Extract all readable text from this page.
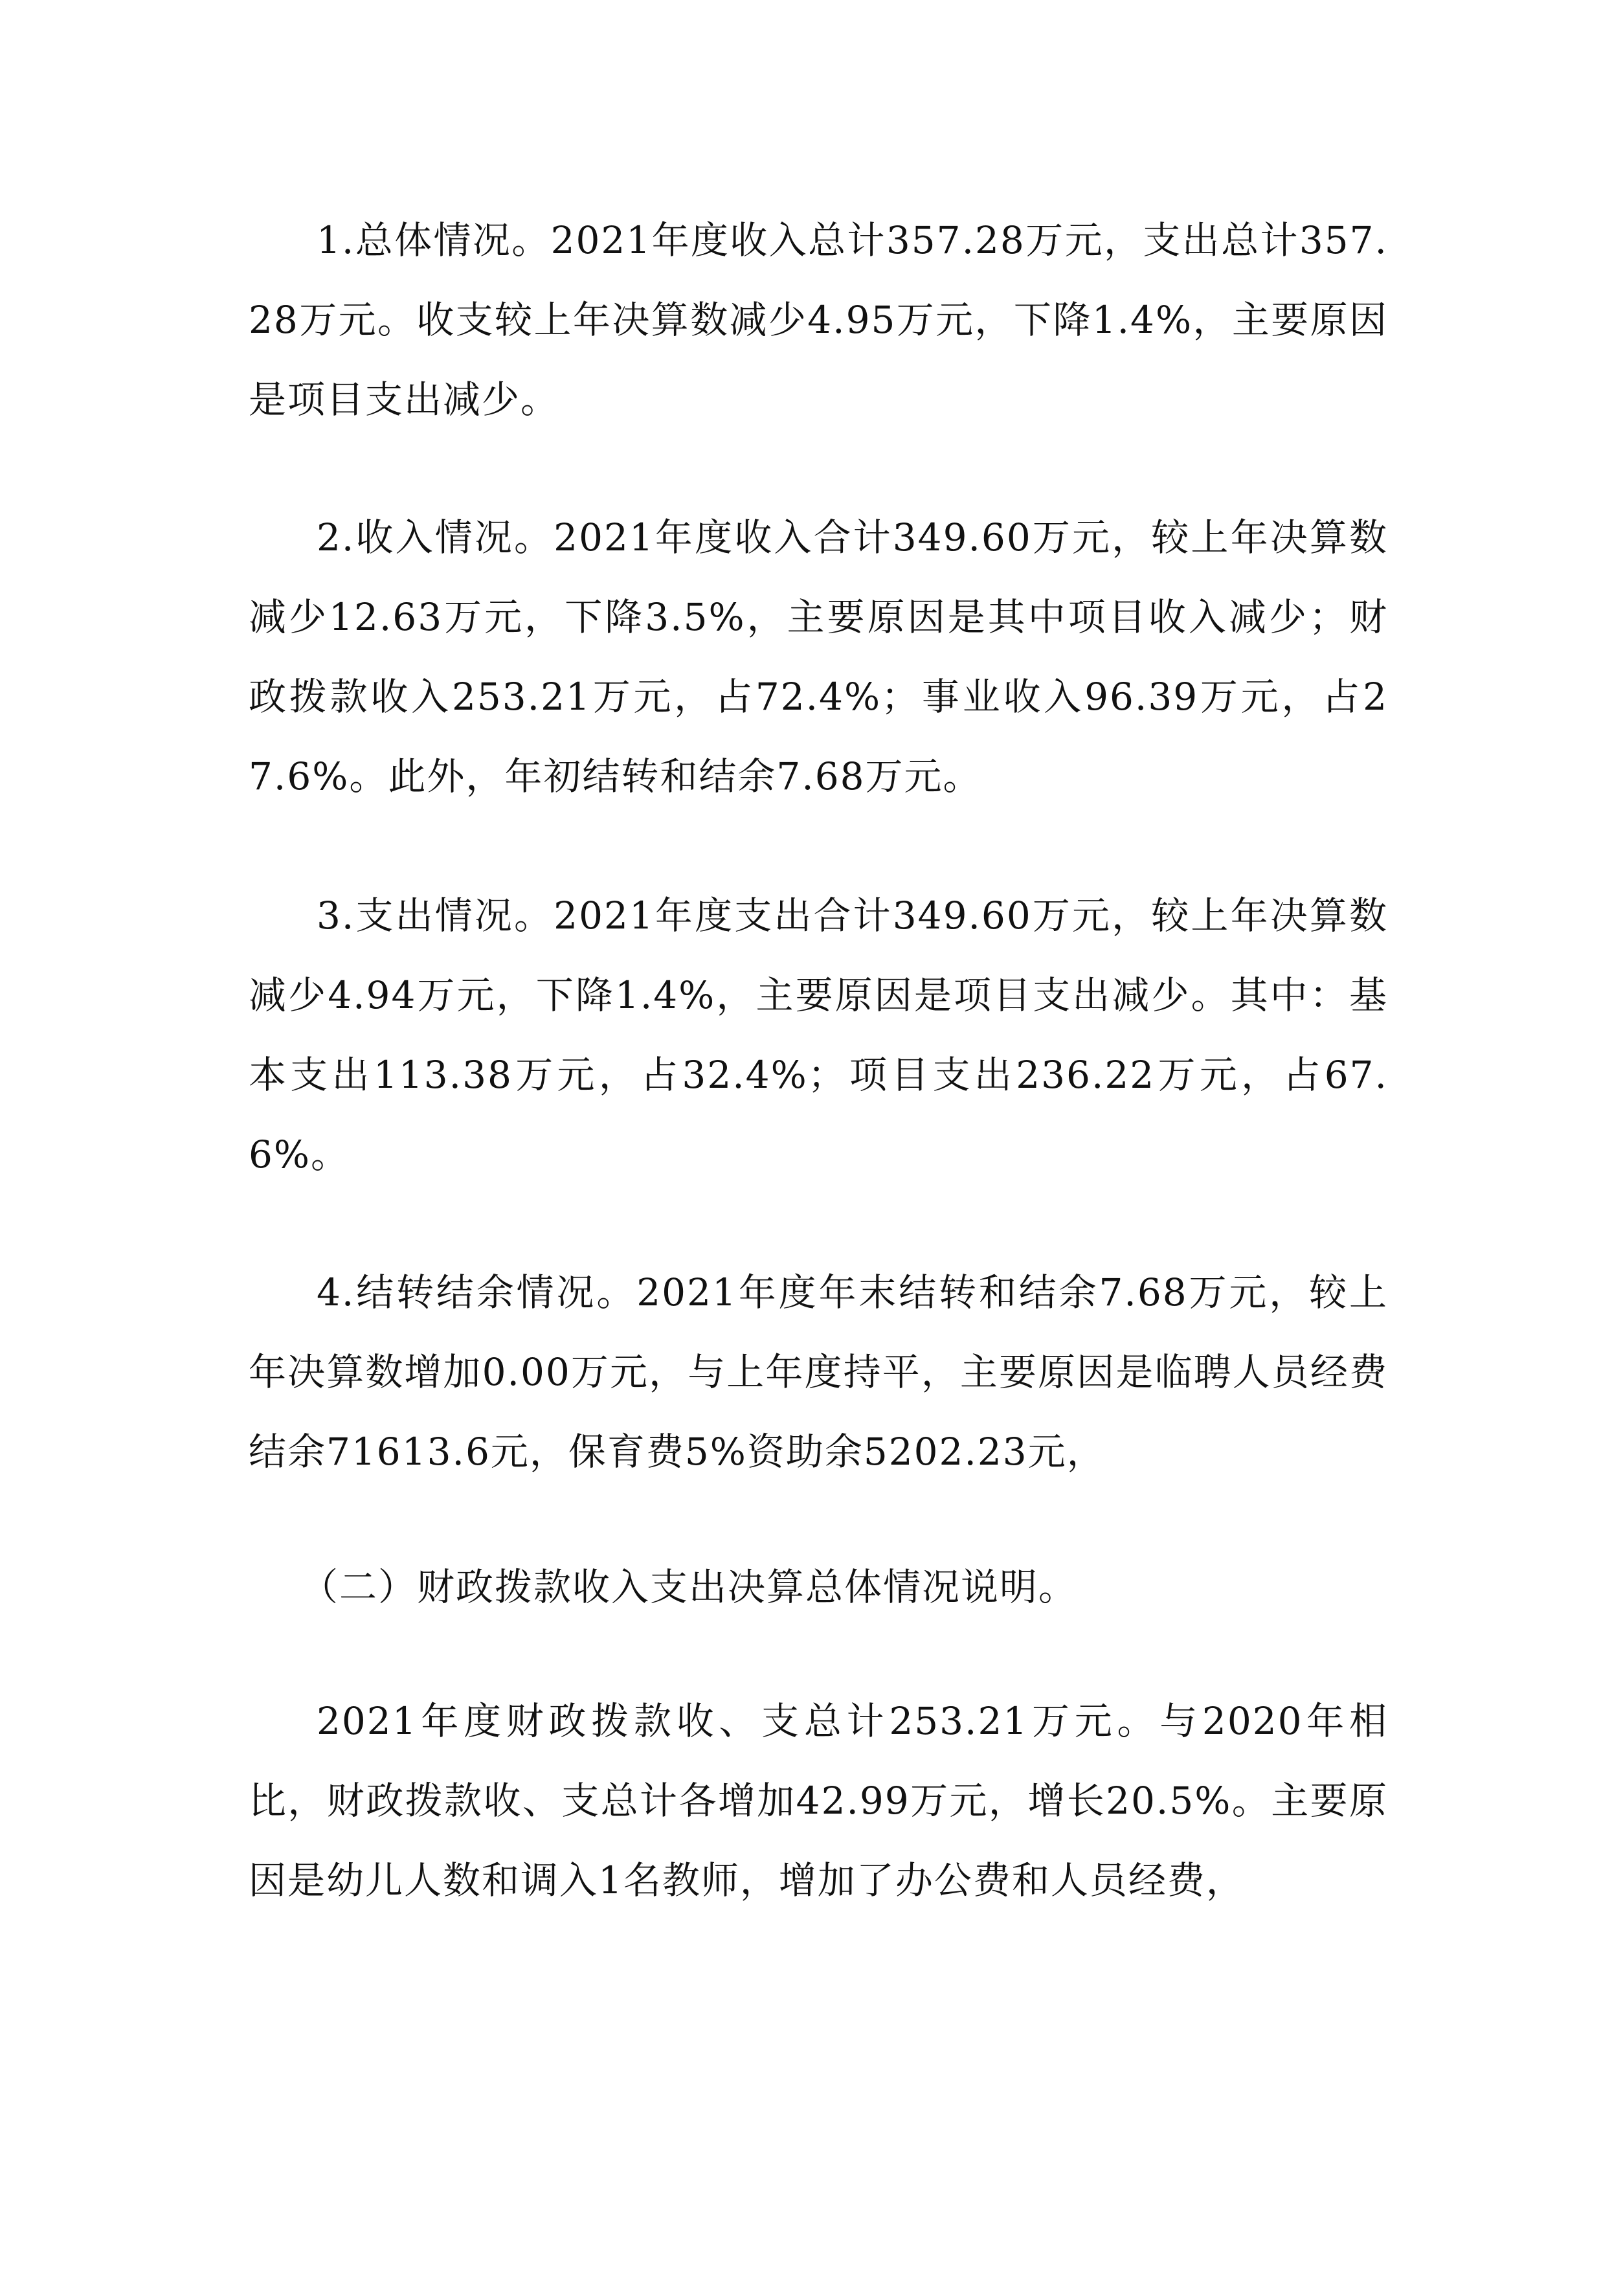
1.总体情况。2021年度收入总计357.28万元，支出总计357.28万元。收支较上年决算数减少4.95万元，下降1.4%，主要原因是项目支出减少。

2.收入情况。2021年度收入合计349.60万元，较上年决算数减少12.63万元，下降3.5%，主要原因是其中项目收入减少；财政拨款收入253.21万元，占72.4%；事业收入96.39万元，占27.6%。此外，年初结转和结余7.68万元。

3.支出情况。2021年度支出合计349.60万元，较上年决算数减少4.94万元，下降1.4%，主要原因是项目支出减少。其中：基本支出113.38万元，占32.4%；项目支出236.22万元，占67.6%。

4.结转结余情况。2021年度年末结转和结余7.68万元，较上年决算数增加0.00万元，与上年度持平，主要原因是临聘人员经费结余71613.6元，保育费5%资助余5202.23元，

（二）财政拨款收入支出决算总体情况说明。

2021年度财政拨款收、支总计253.21万元。与2020年相比，财政拨款收、支总计各增加42.99万元，增长20.5%。主要原因是幼儿人数和调入1名教师，增加了办公费和人员经费，
